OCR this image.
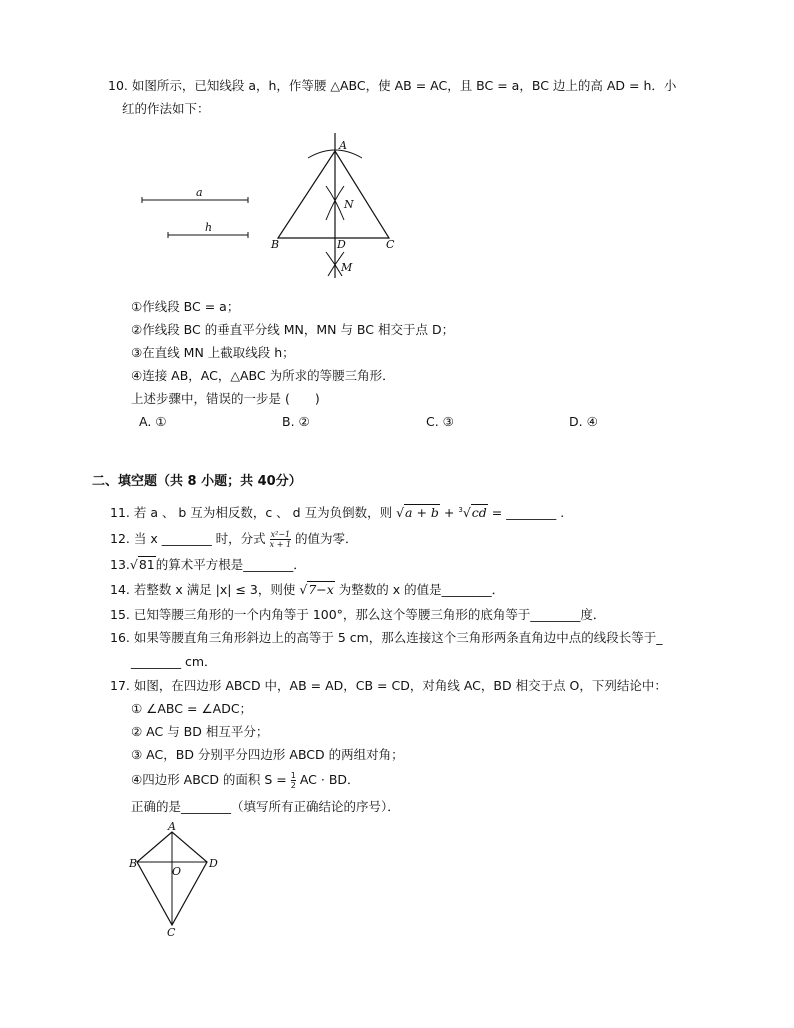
10. 如图所示，已知线段 a，h，作等腰 △ABC，使 AB = AC，且 BC = a，BC 边上的高 AD = h．小
红的作法如下：
a
h
A
B	C
D
N
M
①作线段 BC = a；
②作线段 BC 的垂直平分线 MN，MN 与 BC 相交于点 D；
③在直线 MN 上截取线段 h；
④连接 AB，AC，△ABC 为所求的等腰三角形．
上述步骤中，错误的一步是 (　　)
A. ①	B. ②	C. ③	D. ④
二、填空题（共 8 小题；共 40分）
11. 若 a 、 b 互为相反数，c 、 d 互为负倒数，则 √a + b + $^3$√cd = ________ .
12. 当 x ________ 时，分式 $\frac{\text{x²−1}}{x + 1}$ 的值为零．
13.√81的算术平方根是________．
14. 若整数 x 满足 |x| ≤ 3，则使 √7−x 为整数的 x 的值是________．
15. 已知等腰三角形的一个内角等于 100°，那么这个等腰三角形的底角等于________度．
16. 如果等腰直角三角形斜边上的高等于 5 cm，那么连接这个三角形两条直角边中点的线段长等于_
________ cm．
17. 如图，在四边形 ABCD 中，AB = AD，CB = CD，对角线 AC，BD 相交于点 O，下列结论中：
① ∠ABC = ∠ADC；
② AC 与 BD 相互平分；
③ AC，BD 分别平分四边形 ABCD 的两组对角；
④四边形 ABCD 的面积 $S = \frac{1}{2}$ AC · BD．
正确的是________（填写所有正确结论的序号）．
A
B	D
O
C
